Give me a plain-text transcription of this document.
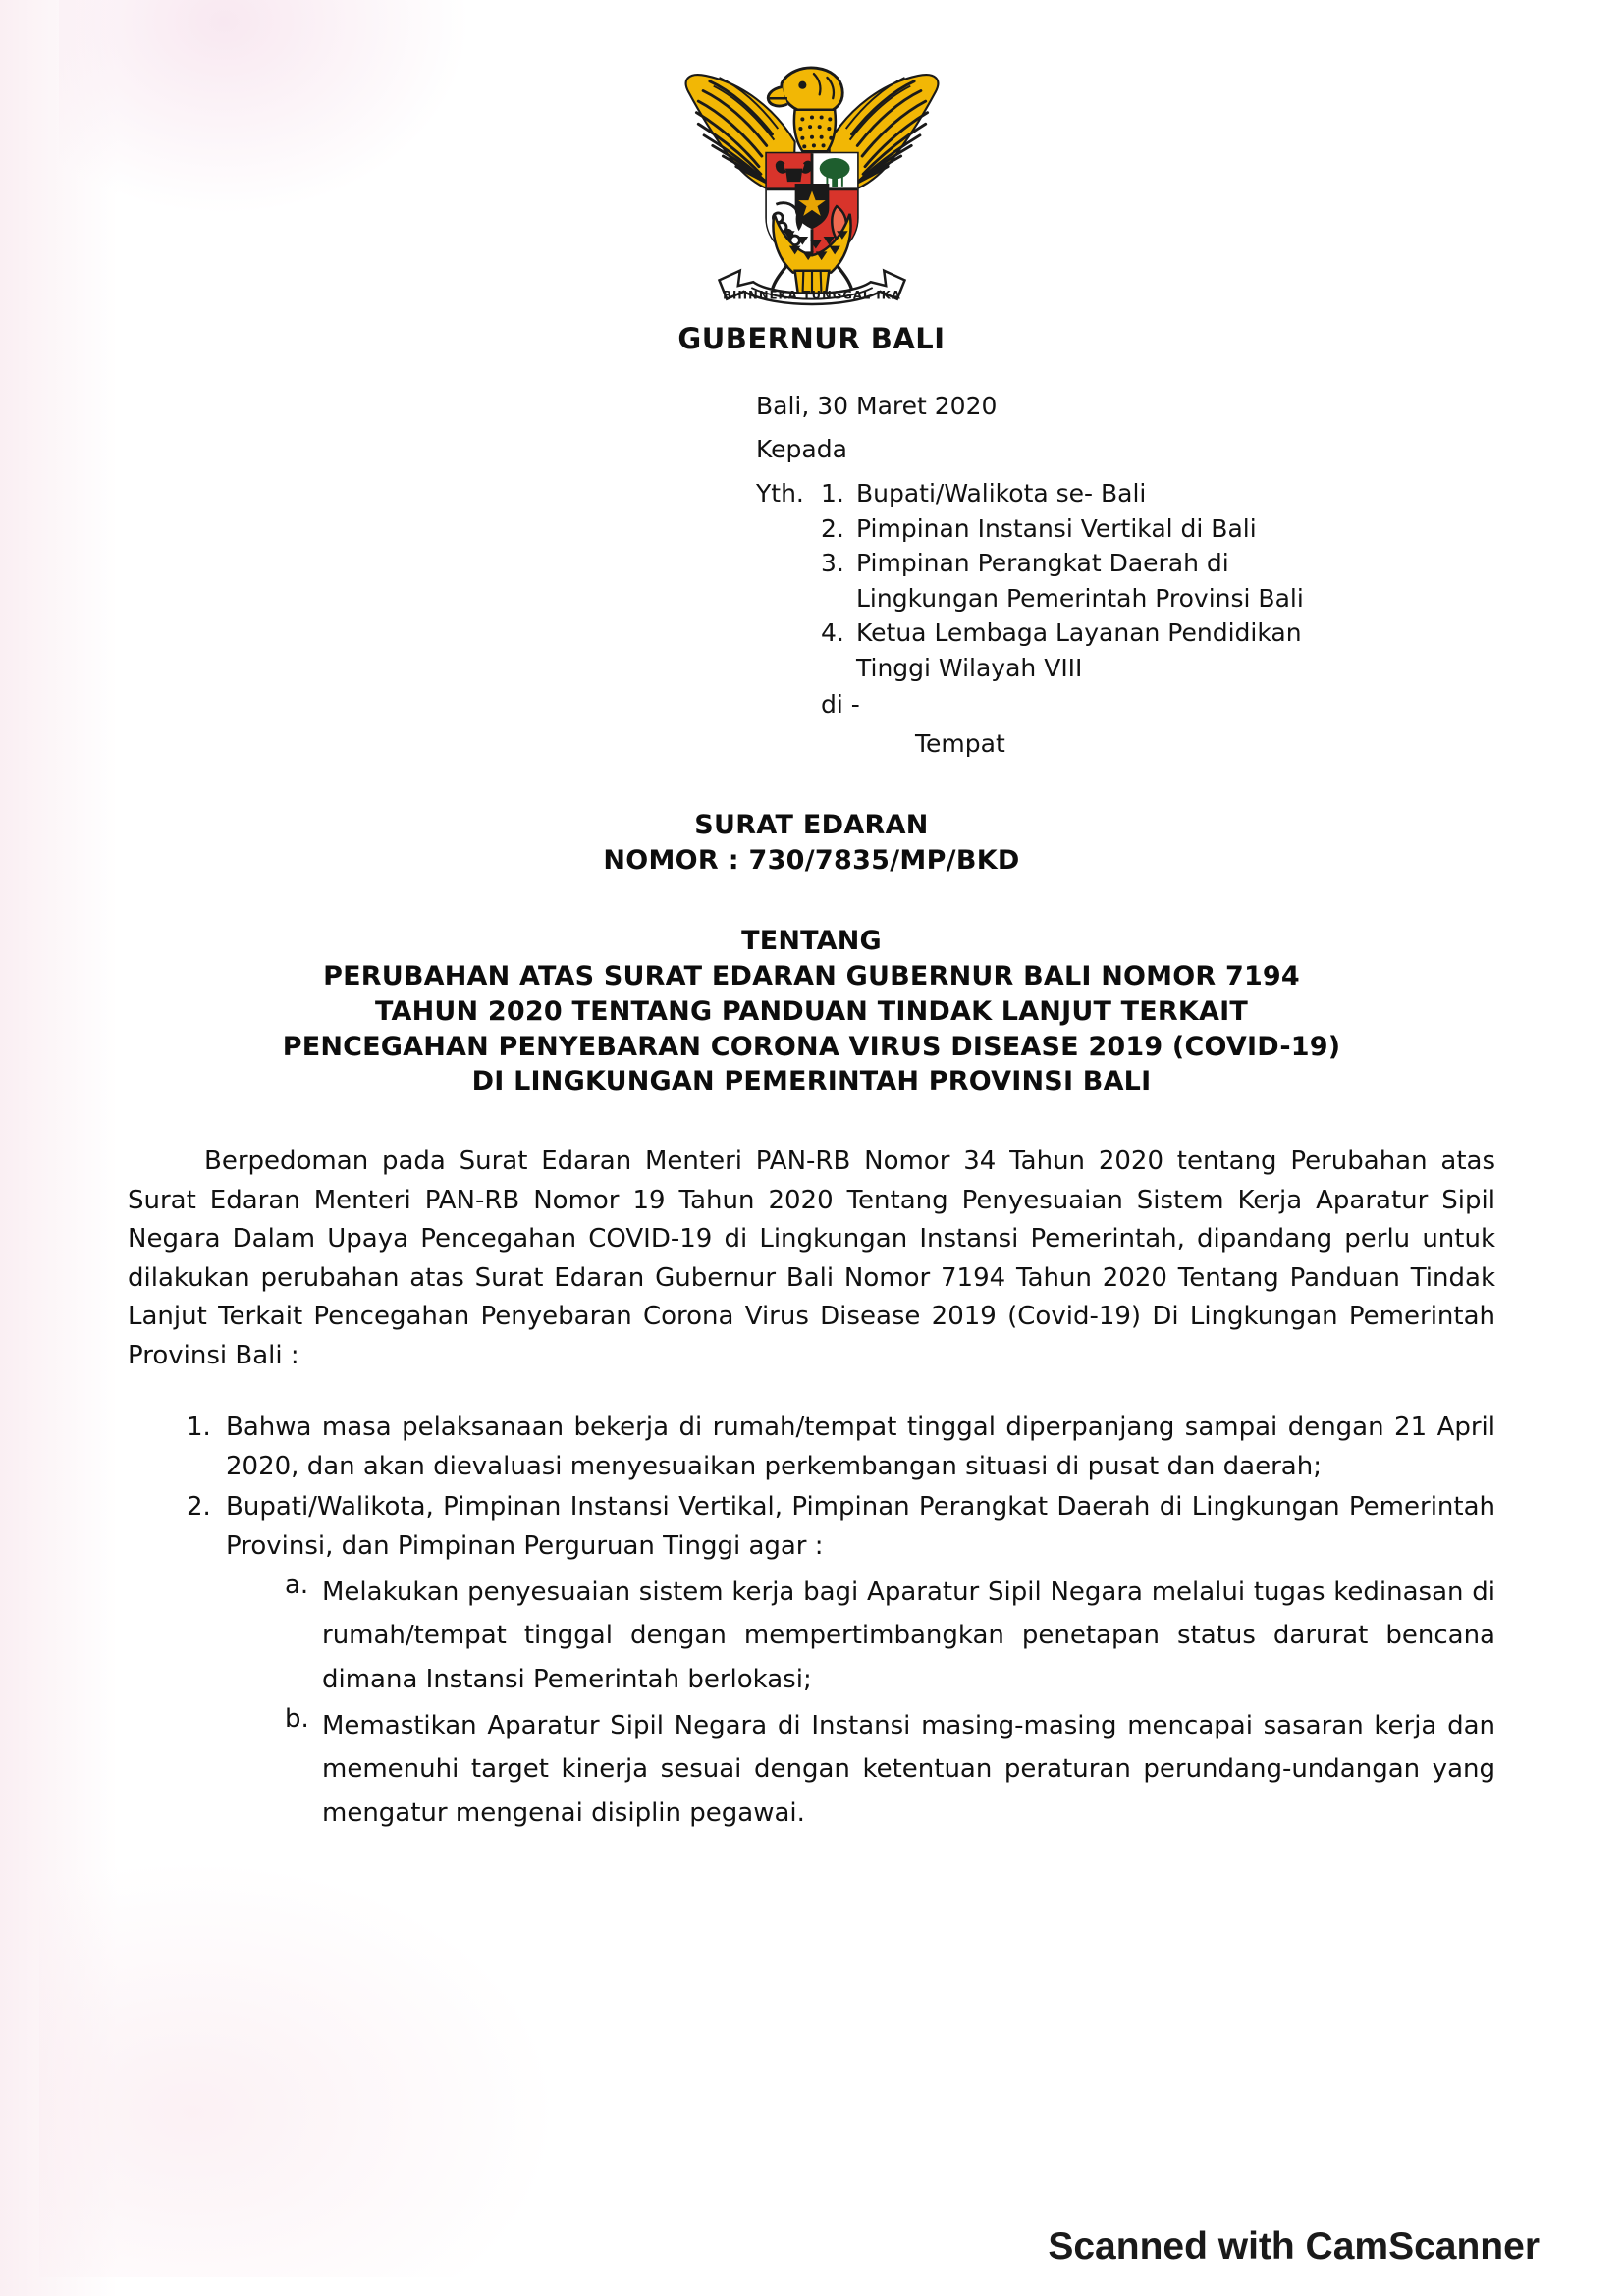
BHINNEKA TUNGGAL IKA
GUBERNUR BALI
Bali, 30 Maret 2020
Kepada
Yth. 1. Bupati/Walikota se- Bali
2. Pimpinan Instansi Vertikal di Bali
3. Pimpinan Perangkat Daerah di
Lingkungan Pemerintah Provinsi Bali
4. Ketua Lembaga Layanan Pendidikan
Tinggi Wilayah VIII
di -
Tempat
SURAT EDARAN
NOMOR : 730/7835/MP/BKD
TENTANG
PERUBAHAN ATAS SURAT EDARAN GUBERNUR BALI NOMOR 7194
TAHUN 2020 TENTANG PANDUAN TINDAK LANJUT TERKAIT
PENCEGAHAN PENYEBARAN CORONA VIRUS DISEASE 2019 (COVID-19)
DI LINGKUNGAN PEMERINTAH PROVINSI BALI

Berpedoman pada Surat Edaran Menteri PAN-RB Nomor 34 Tahun 2020 tentang Perubahan atas Surat Edaran Menteri PAN-RB Nomor 19 Tahun 2020 Tentang Penyesuaian Sistem Kerja Aparatur Sipil Negara Dalam Upaya Pencegahan COVID-19 di Lingkungan Instansi Pemerintah, dipandang perlu untuk dilakukan perubahan atas Surat Edaran Gubernur Bali Nomor 7194 Tahun 2020 Tentang Panduan Tindak Lanjut Terkait Pencegahan Penyebaran Corona Virus Disease 2019 (Covid-19) Di Lingkungan Pemerintah Provinsi Bali :

1. Bahwa masa pelaksanaan bekerja di rumah/tempat tinggal diperpanjang sampai dengan 21 April 2020, dan akan dievaluasi menyesuaikan perkembangan situasi di pusat dan daerah;
2. Bupati/Walikota, Pimpinan Instansi Vertikal, Pimpinan Perangkat Daerah di Lingkungan Pemerintah Provinsi, dan Pimpinan Perguruan Tinggi agar :
a. Melakukan penyesuaian sistem kerja bagi Aparatur Sipil Negara melalui tugas kedinasan di rumah/tempat tinggal dengan mempertimbangkan penetapan status darurat bencana dimana Instansi Pemerintah berlokasi;
b. Memastikan Aparatur Sipil Negara di Instansi masing-masing mencapai sasaran kerja dan memenuhi target kinerja sesuai dengan ketentuan peraturan perundang-undangan yang mengatur mengenai disiplin pegawai.
Scanned with CamScanner
